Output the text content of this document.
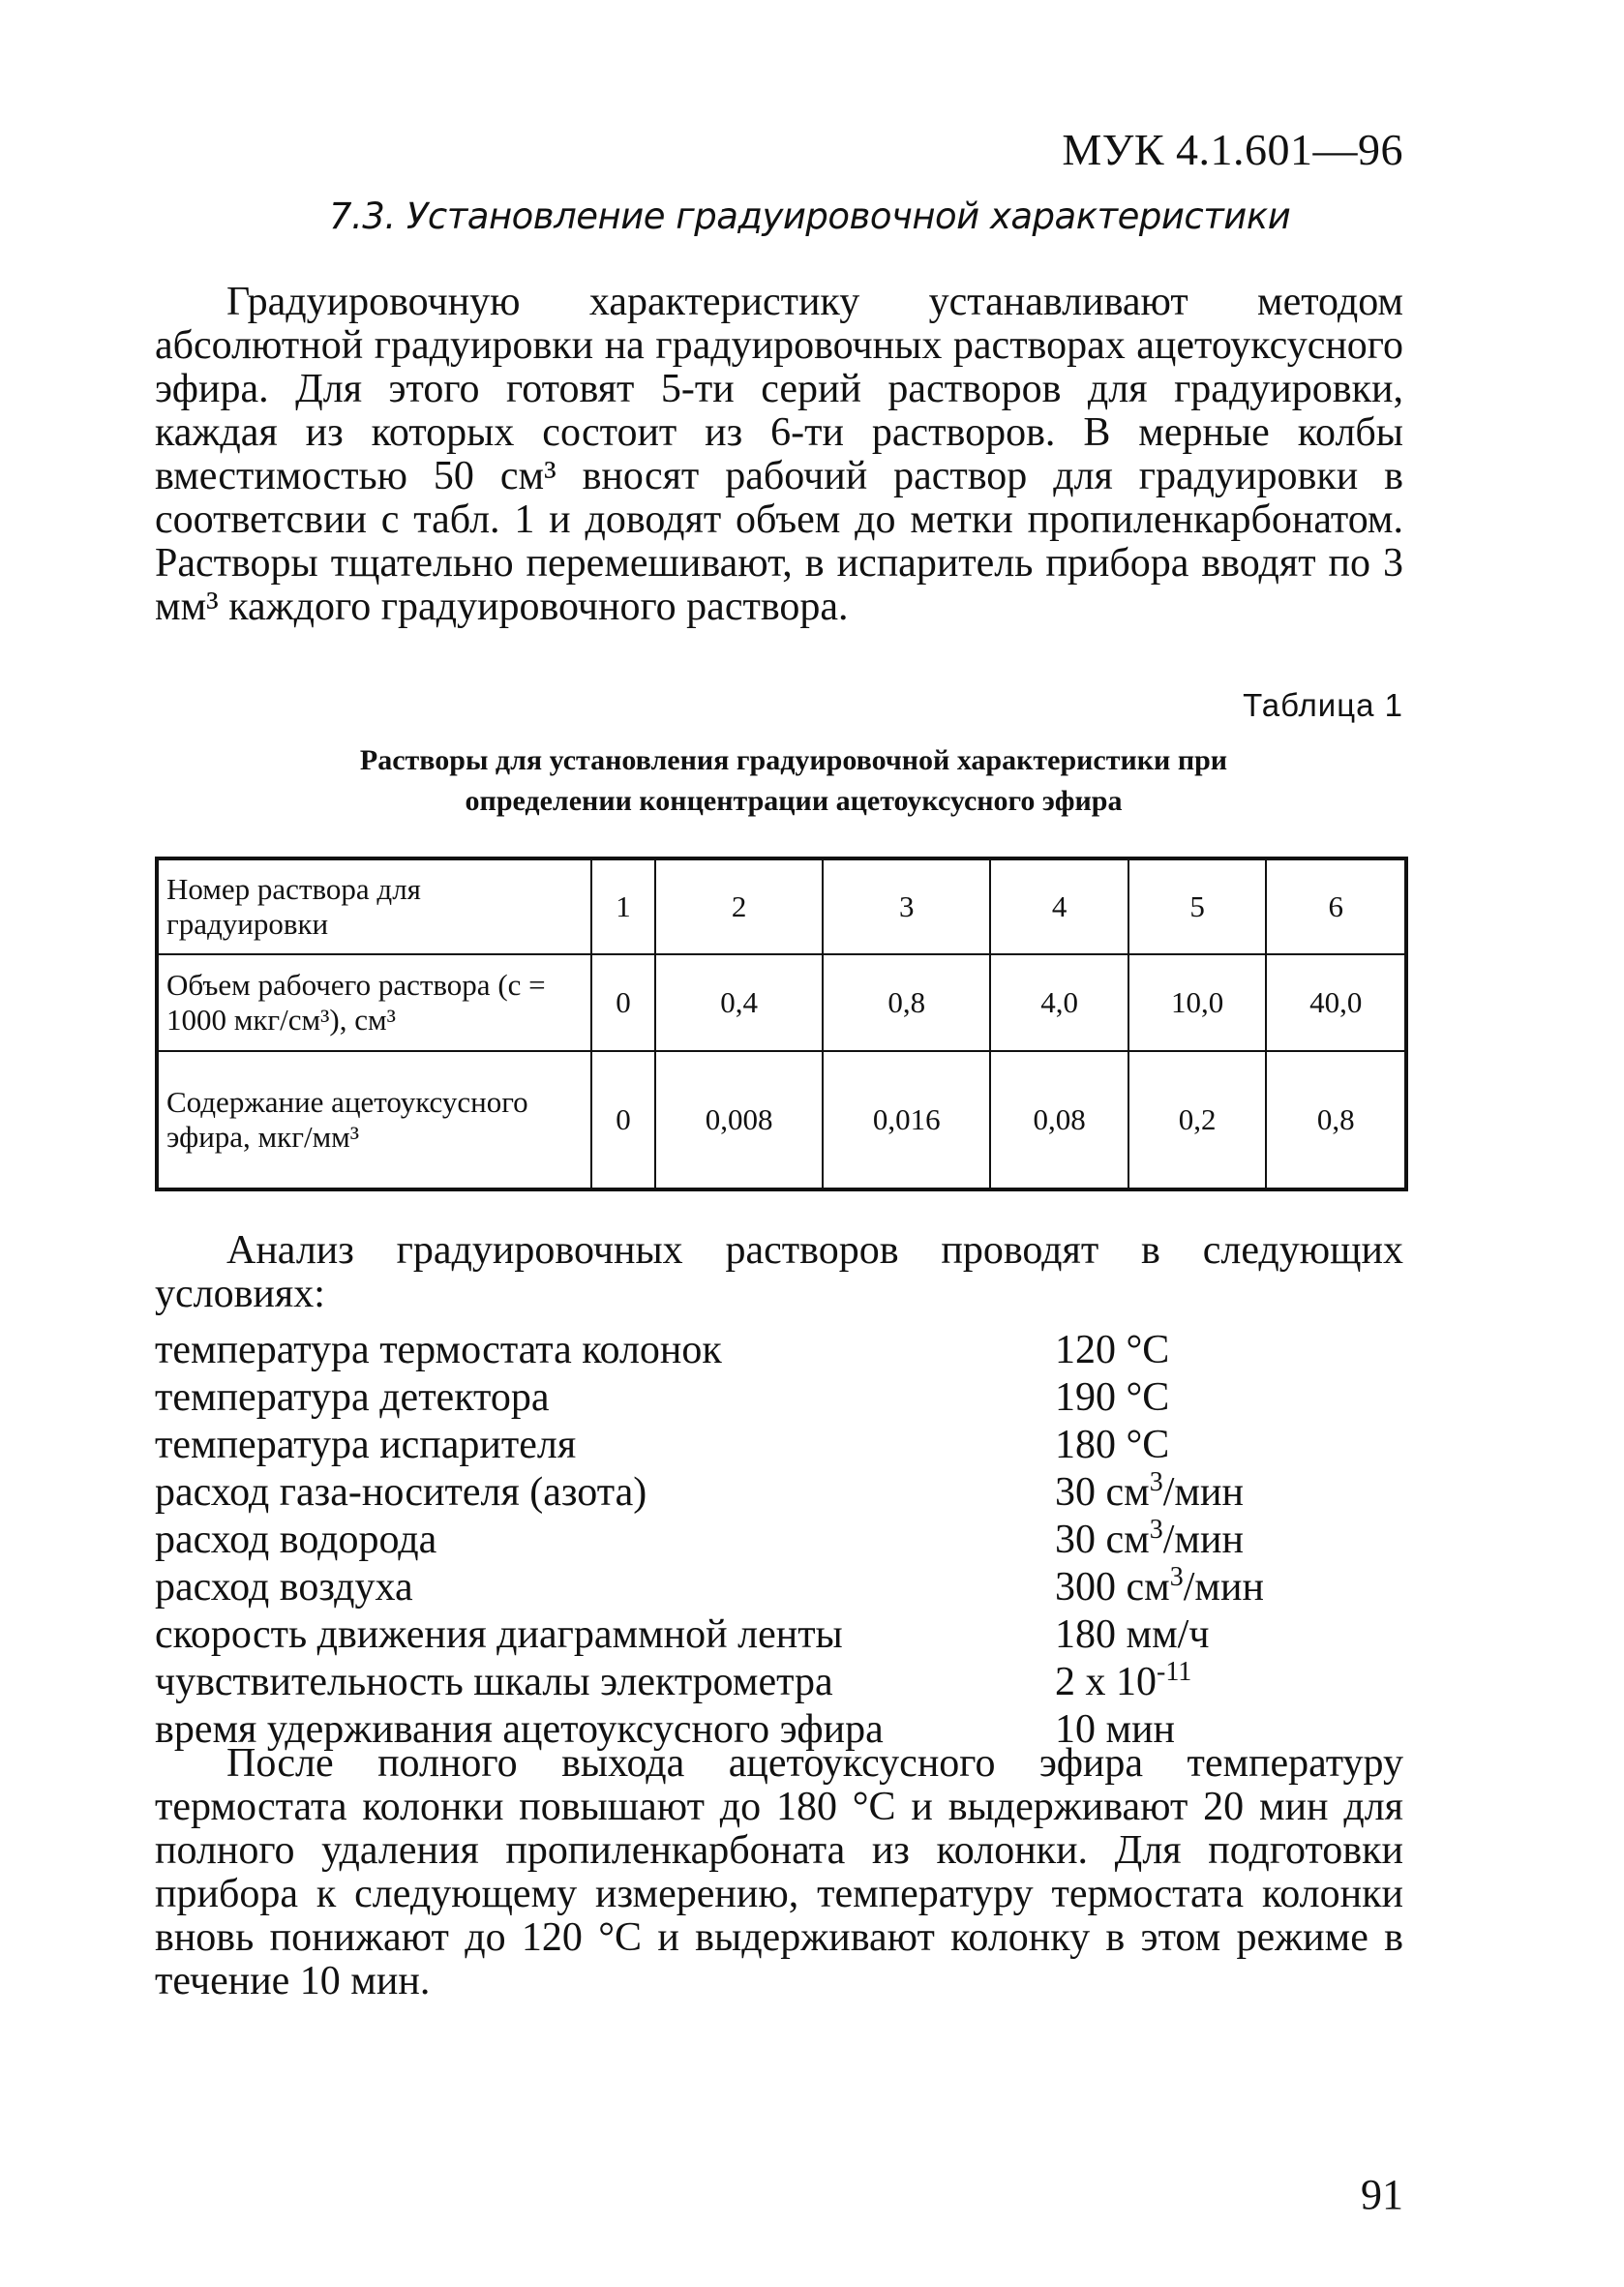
МУК 4.1.601—96
7.3. Установление градуировочной характеристики
Градуировочную характеристику устанавливают методом абсолютной градуировки на градуировочных растворах ацетоуксусного эфира. Для этого готовят 5-ти серий растворов для градуировки, каждая из которых состоит из 6-ти растворов. В мерные колбы вместимостью 50 см³ вносят рабочий раствор для градуировки в соответсвии с табл. 1 и доводят объем до метки пропиленкарбонатом. Растворы тщательно перемешивают, в испаритель прибора вводят по 3 мм³ каждого градуировочного раствора.
Таблица 1
Растворы для установления градуировочной характеристики при
определении концентрации ацетоуксусного эфира
Номер раствора для градуировки	1	2	3	4	5	6
Объем рабочего раствора (с = 1000 мкг/см³), см³	0	0,4	0,8	4,0	10,0	40,0
Содержание ацетоуксусного эфира, мкг/мм³	0	0,008	0,016	0,08	0,2	0,8
Анализ градуировочных растворов проводят в следующих условиях:
температура термостата колонок	120 °С
температура детектора	190 °С
температура испарителя	180 °С
расход газа-носителя (азота)	30 $см^3$/мин
расход водорода	30 $см^3$/мин
расход воздуха	300 $см^3$/мин
скорость движения диаграммной ленты	180 мм/ч
чувствительность шкалы электрометра	2 х $10^{-11}$
время удерживания ацетоуксусного эфира	10 мин
После полного выхода ацетоуксусного эфира температуру термостата колонки повышают до 180 °С и выдерживают 20 мин для полного удаления пропиленкарбоната из колонки. Для подготовки прибора к следующему измерению, температуру термостата колонки вновь понижают до 120 °С и выдерживают колонку в этом режиме в течение 10 мин.
91
